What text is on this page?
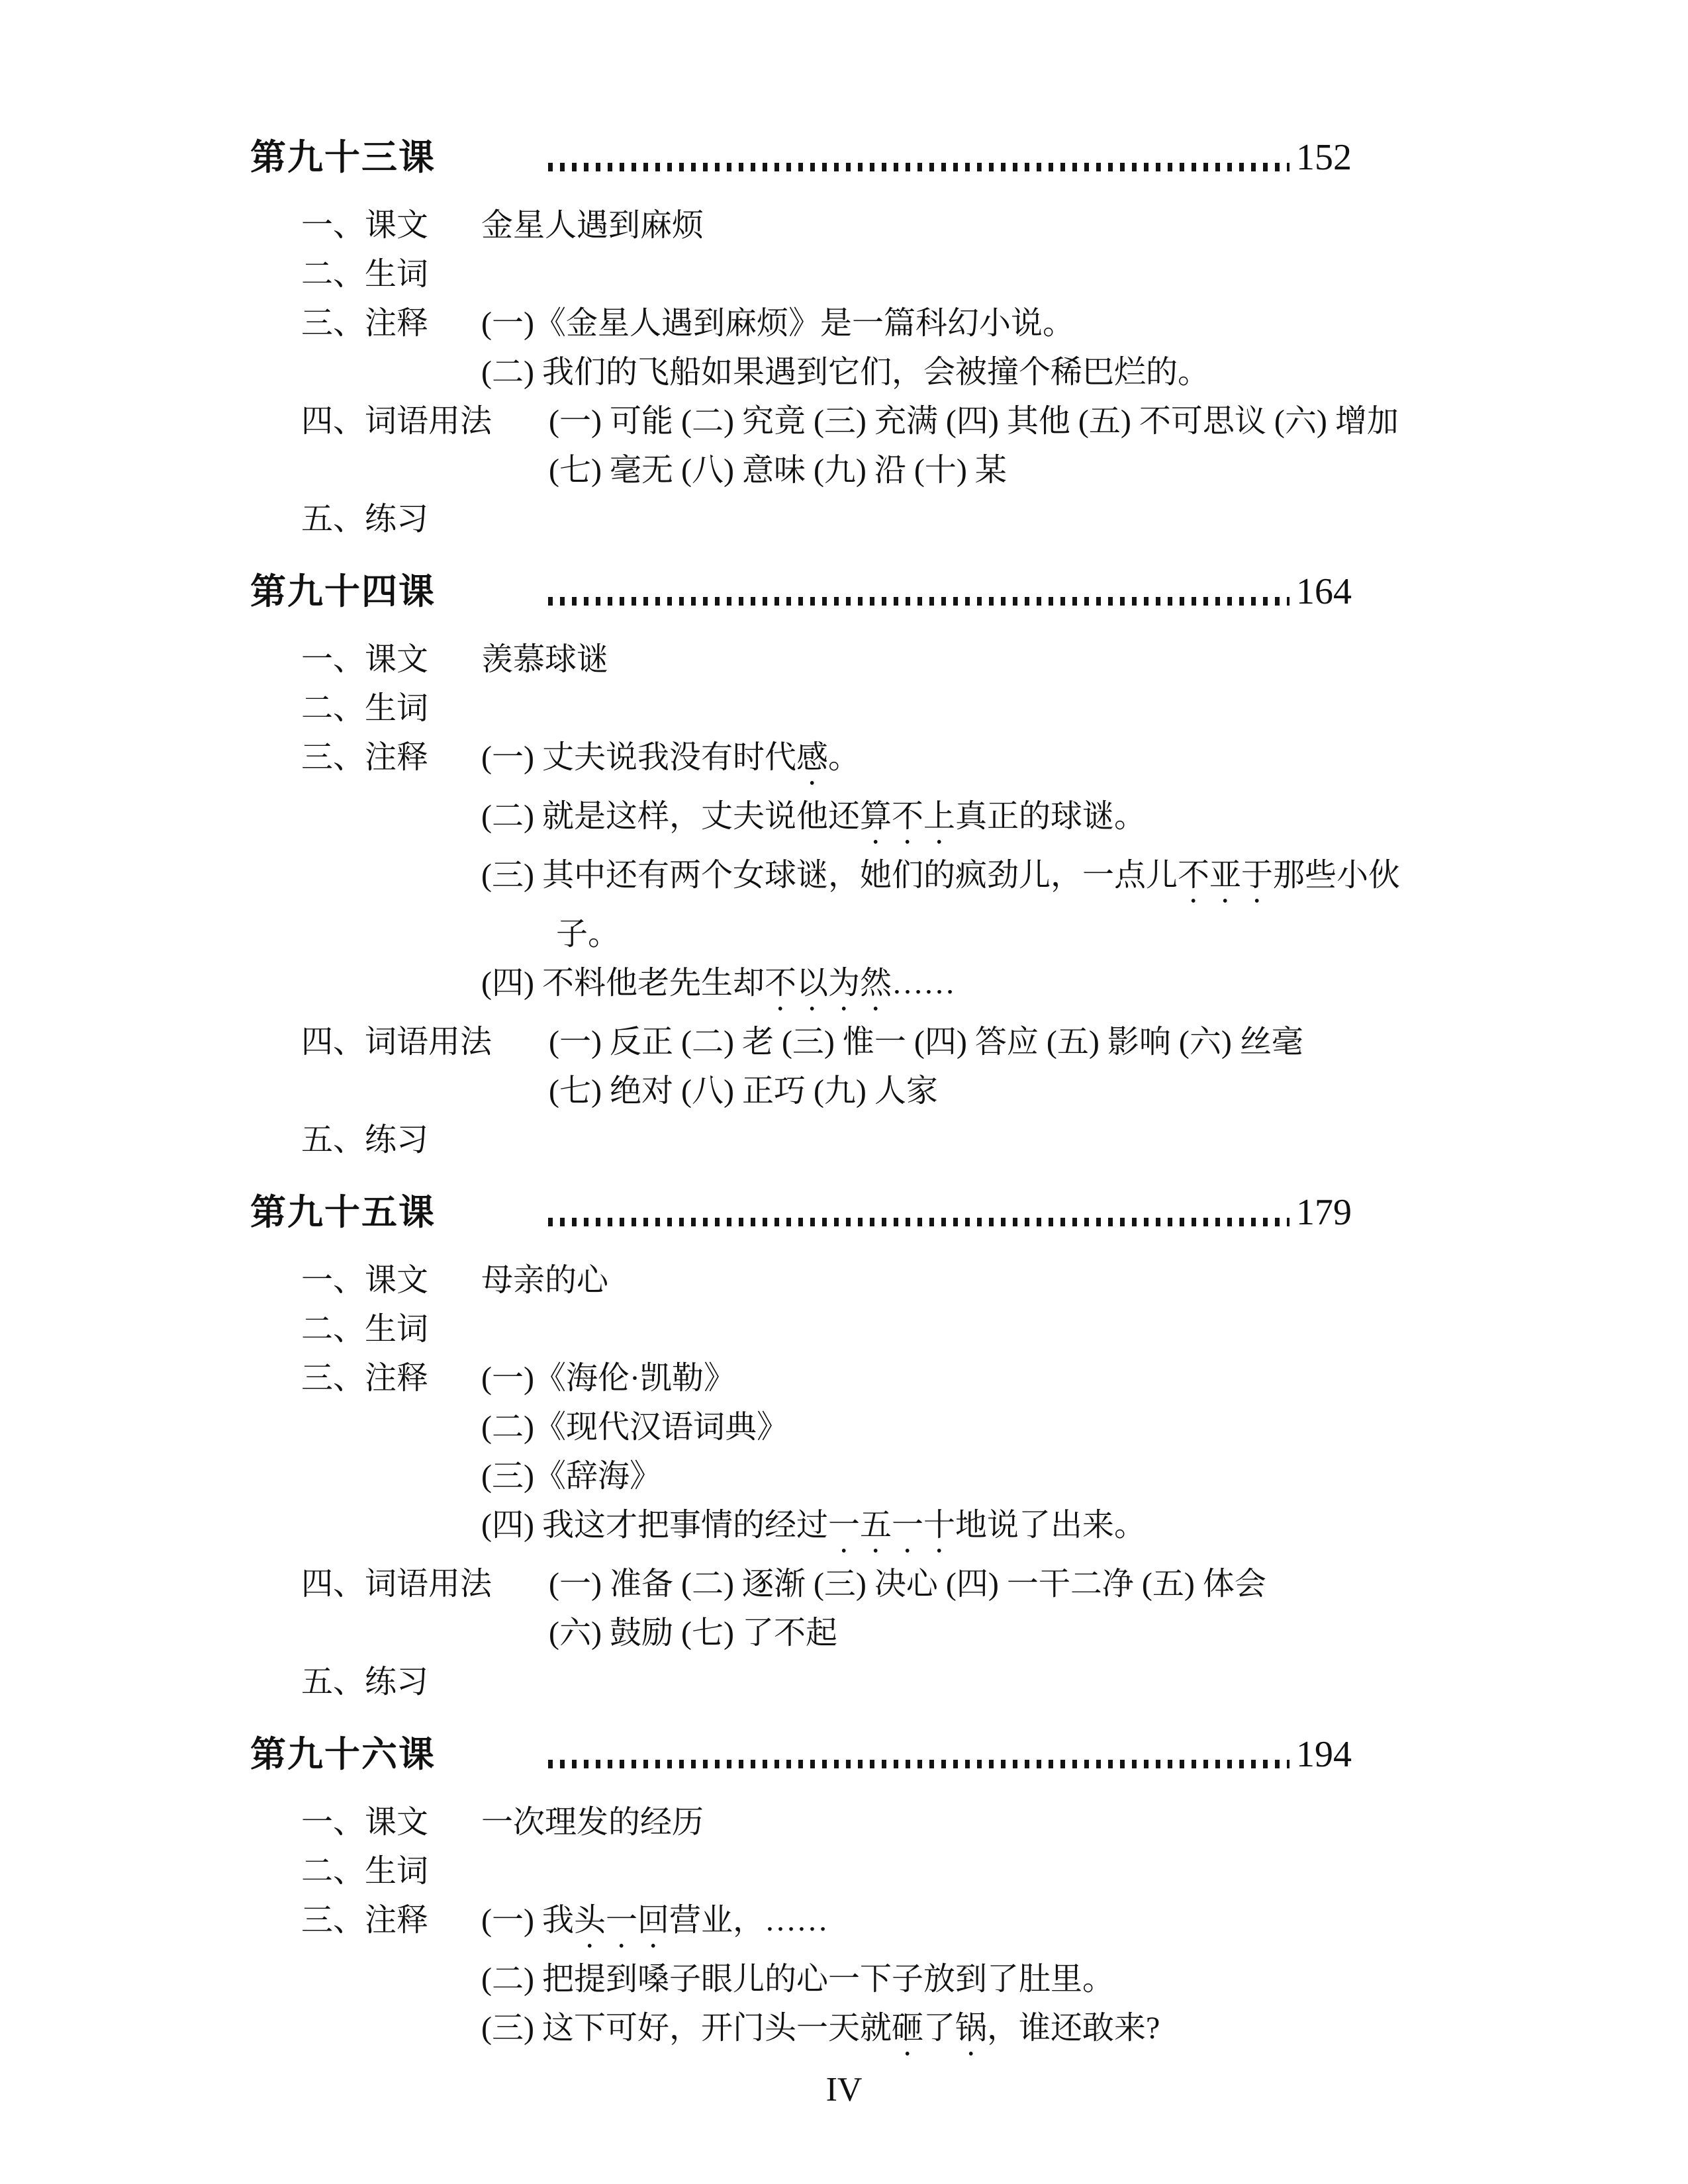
第九十三课	152
一、课文	金星人遇到麻烦
二、生词
三、注释	(一)《金星人遇到麻烦》是一篇科幻小说。
(二) 我们的飞船如果遇到它们，会被撞个稀巴烂的。
四、词语用法	(一) 可能 (二) 究竟 (三) 充满 (四) 其他 (五) 不可思议 (六) 增加
(七) 毫无 (八) 意味 (九) 沿 (十) 某
五、练习
第九十四课	164
一、课文	羡慕球谜
二、生词
三、注释	(一) 丈夫说我没有时代感。
(二) 就是这样，丈夫说他还算不上真正的球谜。
(三) 其中还有两个女球谜，她们的疯劲儿，一点儿不亚于那些小伙
子。
(四) 不料他老先生却不以为然……
四、词语用法	(一) 反正 (二) 老 (三) 惟一 (四) 答应 (五) 影响 (六) 丝毫
(七) 绝对 (八) 正巧 (九) 人家
五、练习
第九十五课	179
一、课文	母亲的心
二、生词
三、注释	(一)《海伦·凯勒》
(二)《现代汉语词典》
(三)《辞海》
(四) 我这才把事情的经过一五一十地说了出来。
四、词语用法	(一) 准备 (二) 逐渐 (三) 决心 (四) 一干二净 (五) 体会
(六) 鼓励 (七) 了不起
五、练习
第九十六课	194
一、课文	一次理发的经历
二、生词
三、注释	(一) 我头一回营业，……
(二) 把提到嗓子眼儿的心一下子放到了肚里。
(三) 这下可好，开门头一天就砸了锅，谁还敢来?
IV
